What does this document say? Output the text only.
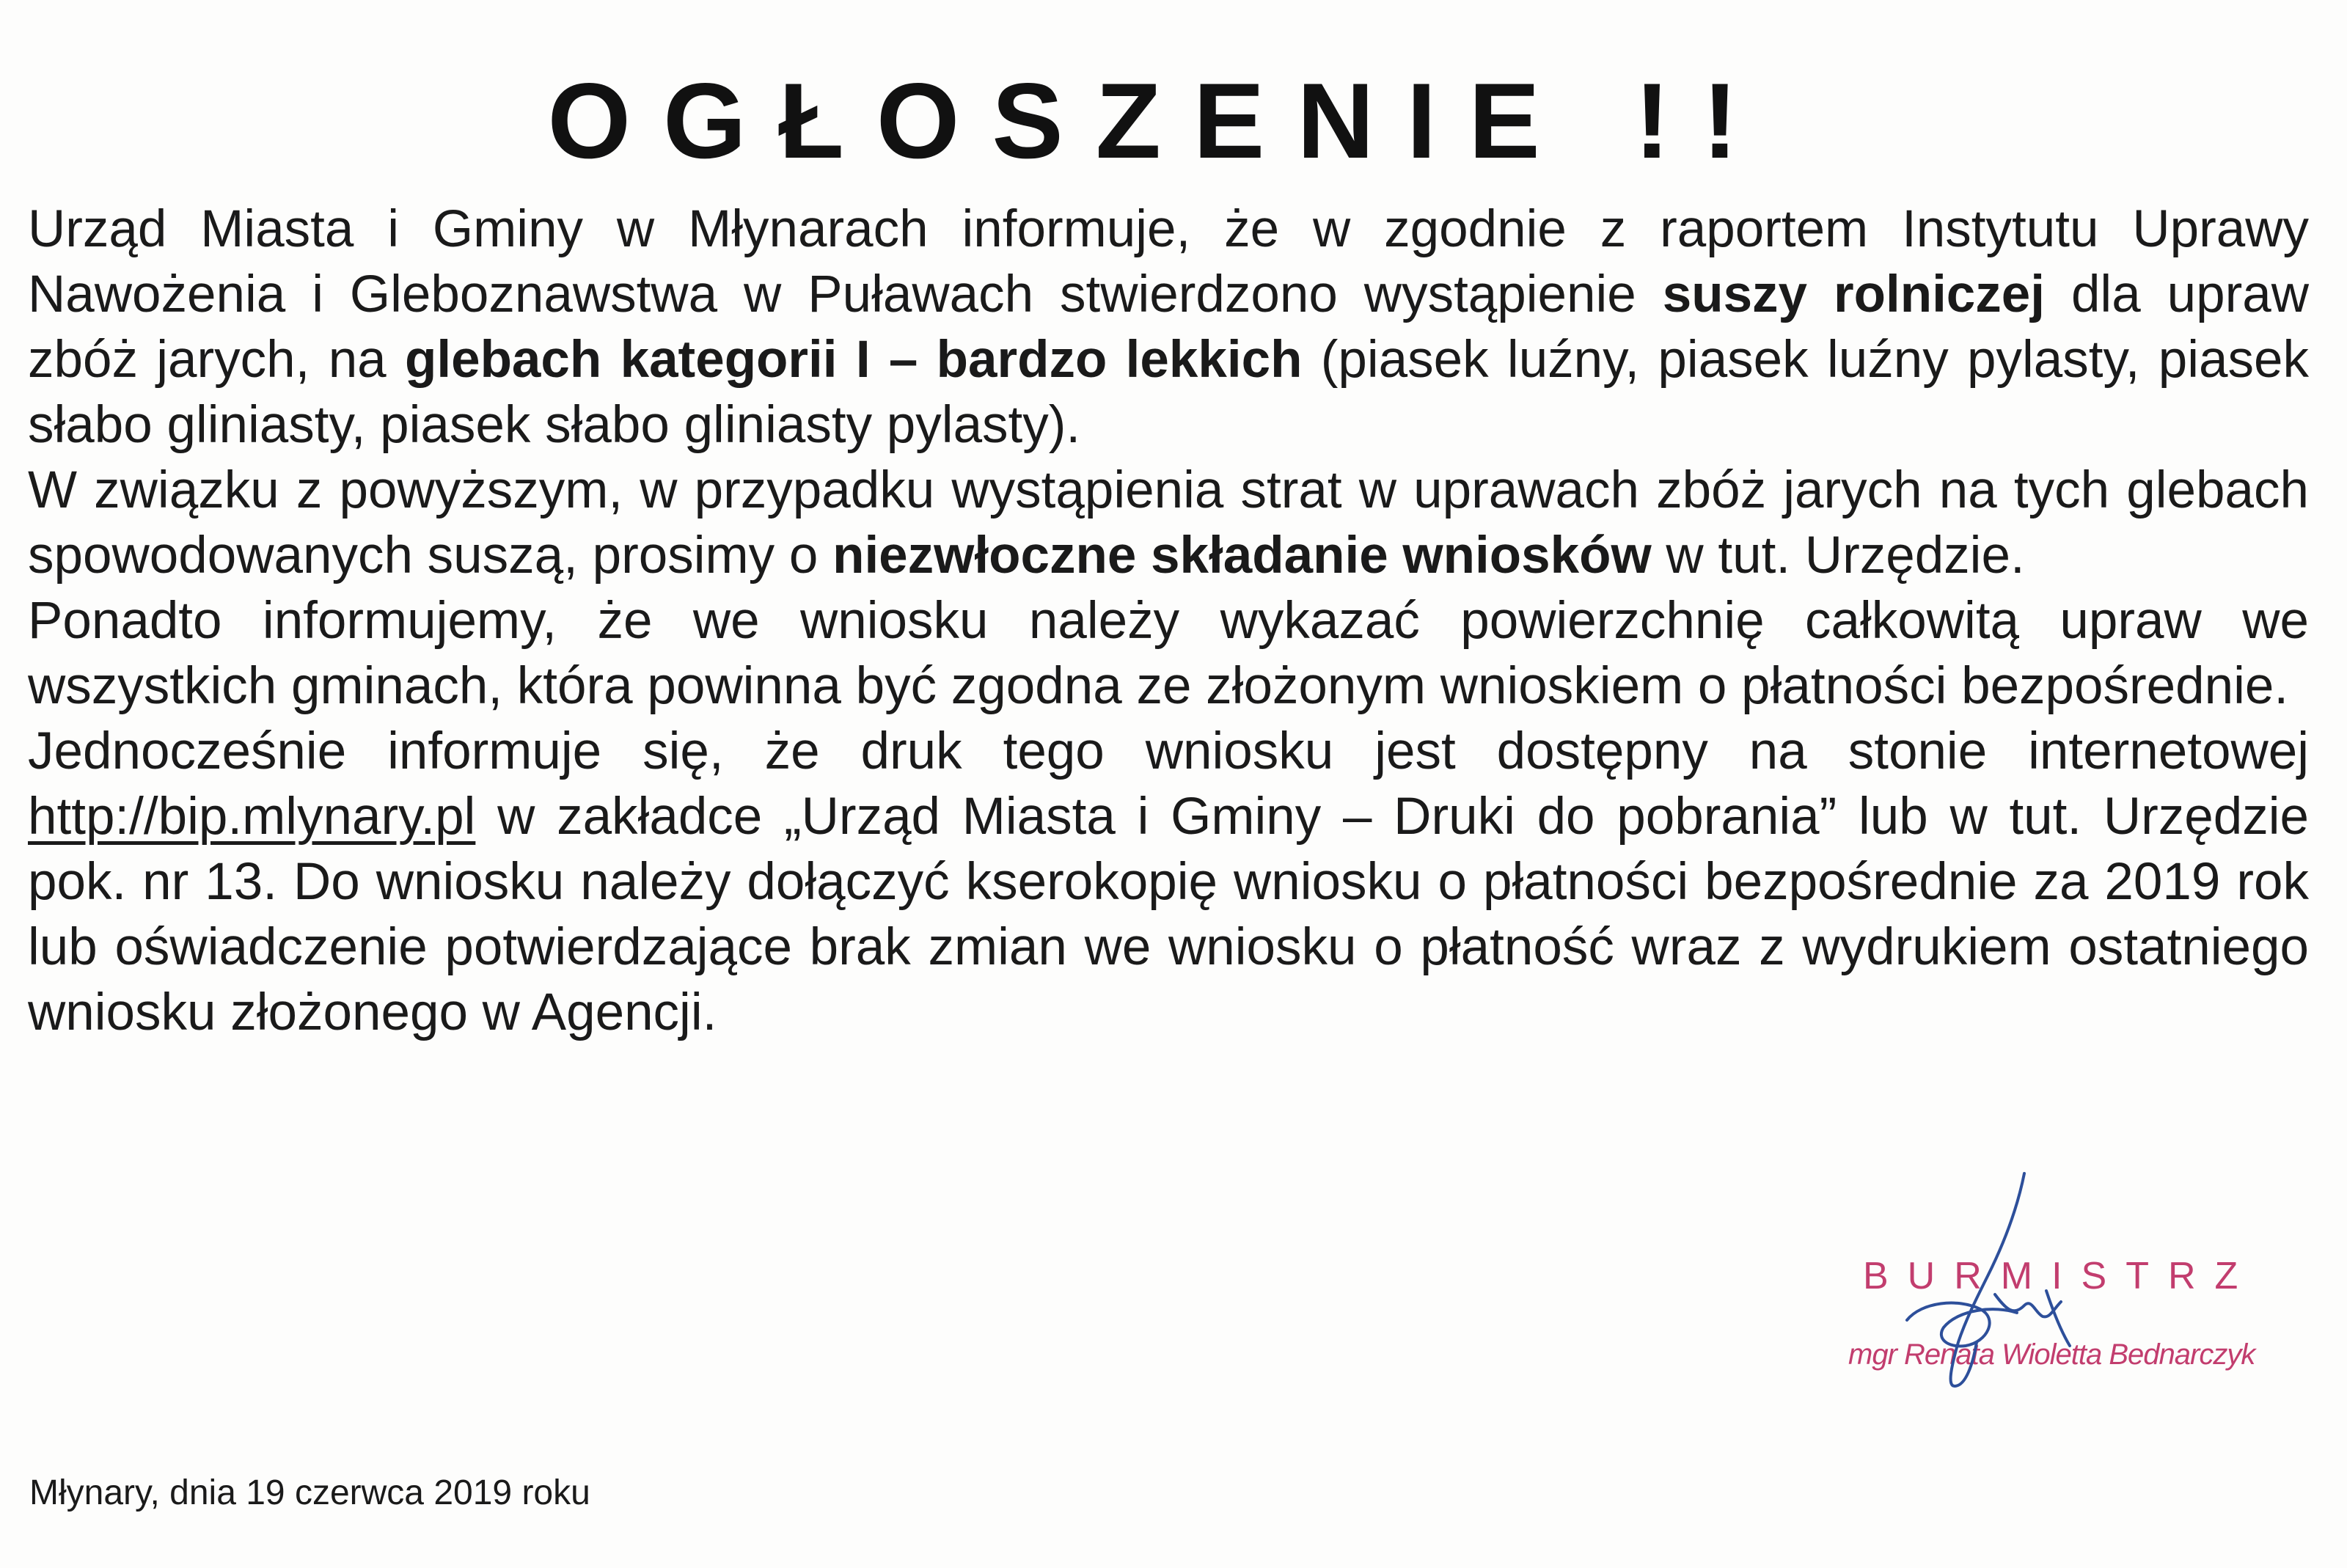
OGŁOSZENIE !!

Urząd Miasta i Gminy w Młynarach informuje, że w zgodnie z raportem Instytutu Uprawy Nawożenia i Gleboznawstwa w Puławach stwierdzono wystąpienie suszy rolniczej dla upraw zbóż jarych, na glebach kategorii I – bardzo lekkich (piasek luźny, piasek luźny pylasty, piasek słabo gliniasty, piasek słabo gliniasty pylasty).

W związku z powyższym, w przypadku wystąpienia strat w uprawach zbóż jarych na tych glebach spowodowanych suszą, prosimy o niezwłoczne składanie wniosków w tut. Urzędzie.

Ponadto informujemy, że we wniosku należy wykazać powierzchnię całkowitą upraw we wszystkich gminach, która powinna być zgodna ze złożonym wnioskiem o płatności bezpośrednie.

Jednocześnie informuje się, że druk tego wniosku jest dostępny na stonie internetowej http://bip.mlynary.pl w zakładce „Urząd Miasta i Gminy – Druki do pobrania” lub w tut. Urzędzie pok. nr 13. Do wniosku należy dołączyć kserokopię wniosku o płatności bezpośrednie za 2019 rok lub oświadczenie potwierdzające brak zmian we wniosku o płatność wraz z wydrukiem ostatniego wniosku złożonego w Agencji.

BURMISTRZ
mgr Renata Wioletta Bednarczyk
Młynary, dnia 19 czerwca 2019 roku
